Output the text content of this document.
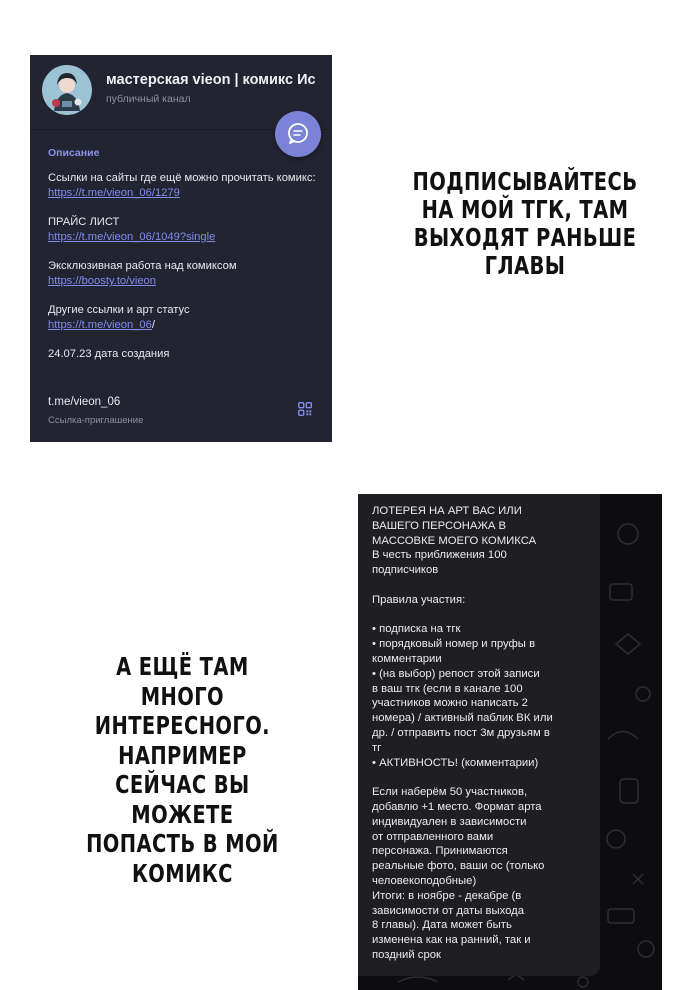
мастерская vieon | комикс Ис
публичный канал
Описание
Ссылки на сайты где ещё можно прочитать комикс:
https://t.me/vieon_06/1279
ПРАЙС ЛИСТ
https://t.me/vieon_06/1049?single
Эксклюзивная работа над комиксом
https://boosty.to/vieon
Другие ссылки и арт статус
https://t.me/vieon_06/
24.07.23 дата создания
t.me/vieon_06
Ссылка-приглашение
ПОДПИСЫВАЙТЕСЬ
НА МОЙ ТГК, ТАМ
ВЫХОДЯТ РАНЬШЕ
ГЛАВЫ
А ЕЩЁ ТАМ
МНОГО
ИНТЕРЕСНОГО.
НАПРИМЕР
СЕЙЧАС ВЫ
МОЖЕТЕ
ПОПАСТЬ В МОЙ
КОМИКС
ЛОТЕРЕЯ НА АРТ ВАС ИЛИ
ВАШЕГО ПЕРСОНАЖА В
МАССОВКЕ МОЕГО КОМИКСА
В честь приближения 100
подписчиков

Правила участия:

• подписка на тгк
• порядковый номер и пруфы в
комментарии
• (на выбор) репост этой записи
в ваш тгк (если в канале 100
участников можно написать 2
номера) / активный паблик ВК или
др. / отправить пост 3м друзьям в
тг
• АКТИВНОСТЬ! (комментарии)

Если наберём 50 участников,
добавлю +1 место. Формат арта
индивидуален в зависимости
от отправленного вами
персонажа. Принимаются
реальные фото, ваши ос (только
человекоподобные)
Итоги: в ноябре - декабре (в
зависимости от даты выхода
8 главы). Дата может быть
изменена как на ранний, так и
поздний срок
